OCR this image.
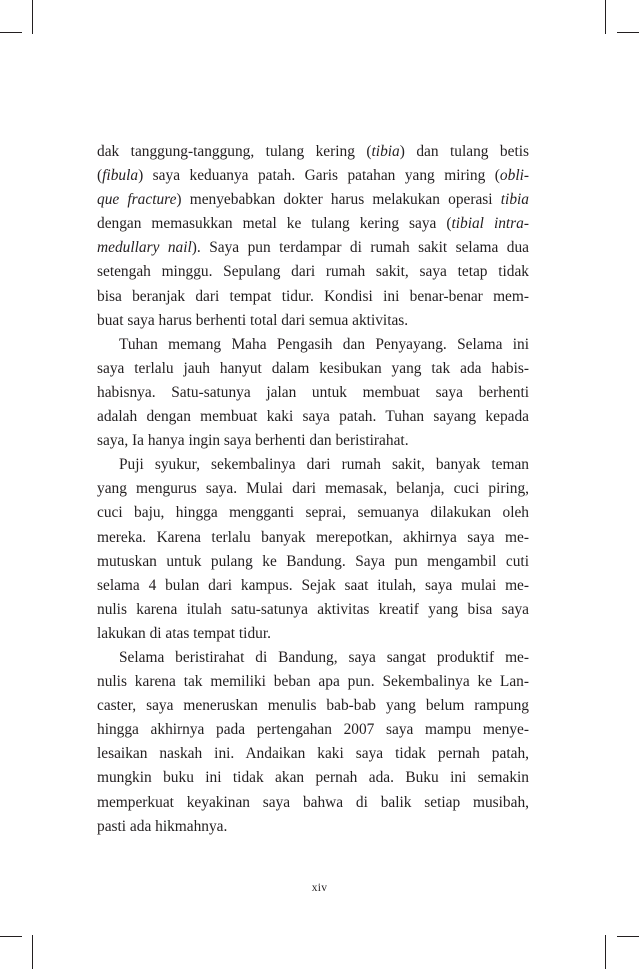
dak tanggung-tanggung, tulang kering (tibia) dan tulang betis
(fibula) saya keduanya patah. Garis patahan yang miring (obli-
que fracture) menyebabkan dokter harus melakukan operasi tibia
dengan memasukkan metal ke tulang kering saya (tibial intra-
medullary nail). Saya pun terdampar di rumah sakit selama dua
setengah minggu. Sepulang dari rumah sakit, saya tetap tidak
bisa beranjak dari tempat tidur. Kondisi ini benar-benar mem-
buat saya harus berhenti total dari semua aktivitas.
Tuhan memang Maha Pengasih dan Penyayang. Selama ini
saya terlalu jauh hanyut dalam kesibukan yang tak ada habis-
habisnya. Satu-satunya jalan untuk membuat saya berhenti
adalah dengan membuat kaki saya patah. Tuhan sayang kepada
saya, Ia hanya ingin saya berhenti dan beristirahat.
Puji syukur, sekembalinya dari rumah sakit, banyak teman
yang mengurus saya. Mulai dari memasak, belanja, cuci piring,
cuci baju, hingga mengganti seprai, semuanya dilakukan oleh
mereka. Karena terlalu banyak merepotkan, akhirnya saya me-
mutuskan untuk pulang ke Bandung. Saya pun mengambil cuti
selama 4 bulan dari kampus. Sejak saat itulah, saya mulai me-
nulis karena itulah satu-satunya aktivitas kreatif yang bisa saya
lakukan di atas tempat tidur.
Selama beristirahat di Bandung, saya sangat produktif me-
nulis karena tak memiliki beban apa pun. Sekembalinya ke Lan-
caster, saya meneruskan menulis bab-bab yang belum rampung
hingga akhirnya pada pertengahan 2007 saya mampu menye-
lesaikan naskah ini. Andaikan kaki saya tidak pernah patah,
mungkin buku ini tidak akan pernah ada. Buku ini semakin
memperkuat keyakinan saya bahwa di balik setiap musibah,
pasti ada hikmahnya.
xiv
